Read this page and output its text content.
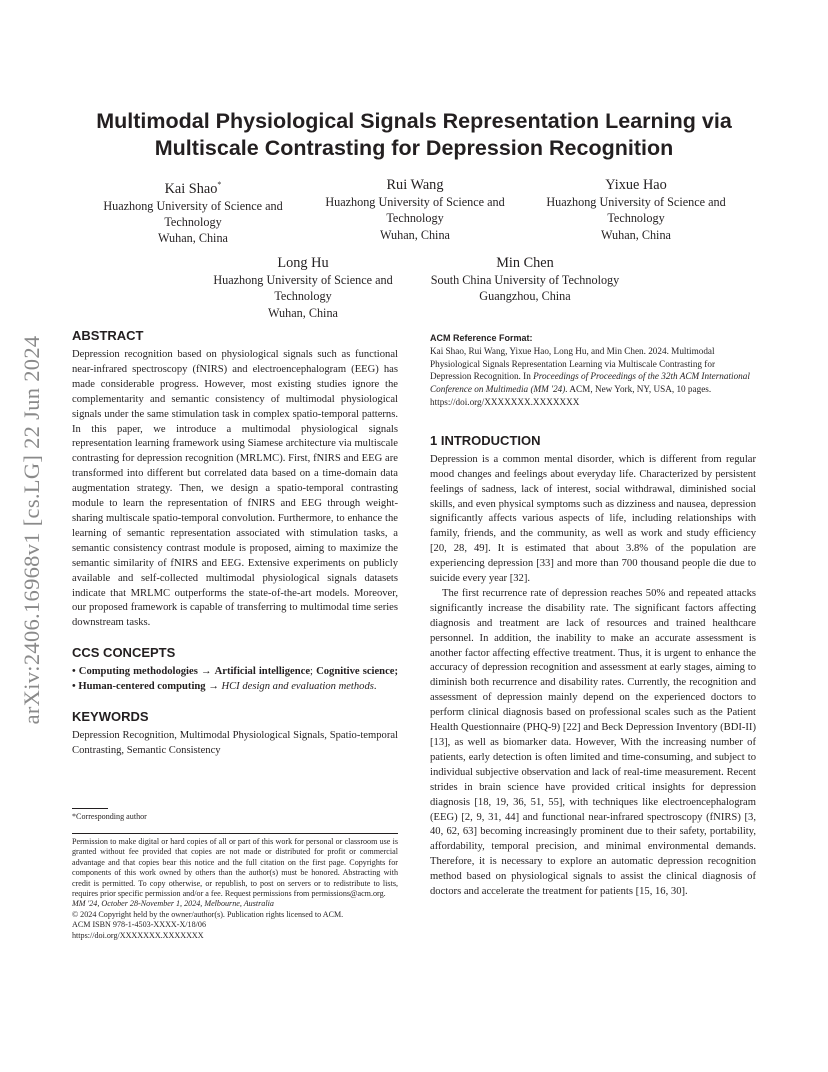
arXiv:2406.16968v1 [cs.LG] 22 Jun 2024
Multimodal Physiological Signals Representation Learning via
Multiscale Contrasting for Depression Recognition
Kai Shao*
Huazhong University of Science and
Technology
Wuhan, China
Rui Wang
Huazhong University of Science and
Technology
Wuhan, China
Yixue Hao
Huazhong University of Science and
Technology
Wuhan, China
Long Hu
Huazhong University of Science and
Technology
Wuhan, China
Min Chen
South China University of Technology
Guangzhou, China
ABSTRACT

Depression recognition based on physiological signals such as functional near-infrared spectroscopy (fNIRS) and electroencephalogram (EEG) has made considerable progress. However, most existing studies ignore the complementarity and semantic consistency of multimodal physiological signals under the same stimulation task in complex spatio-temporal patterns. In this paper, we introduce a multimodal physiological signals representation learning framework using Siamese architecture via multiscale contrasting for depression recognition (MRLMC). First, fNIRS and EEG are transformed into different but correlated data based on a time-domain data augmentation strategy. Then, we design a spatio-temporal contrasting module to learn the representation of fNIRS and EEG through weight-sharing multiscale spatio-temporal convolution. Furthermore, to enhance the learning of semantic representation associated with stimulation tasks, a semantic consistency contrast module is proposed, aiming to maximize the semantic similarity of fNIRS and EEG. Extensive experiments on publicly available and self-collected multimodal physiological signals datasets indicate that MRLMC outperforms the state-of-the-art models. Moreover, our proposed framework is capable of transferring to multimodal time series downstream tasks.

CCS CONCEPTS

• Computing methodologies → Artificial intelligence; Cognitive science; • Human-centered computing → HCI design and evaluation methods.

KEYWORDS

Depression Recognition, Multimodal Physiological Signals, Spatio-temporal Contrasting, Semantic Consistency

*Corresponding author

Permission to make digital or hard copies of all or part of this work for personal or classroom use is granted without fee provided that copies are not made or distributed for profit or commercial advantage and that copies bear this notice and the full citation on the first page. Copyrights for components of this work owned by others than the author(s) must be honored. Abstracting with credit is permitted. To copy otherwise, or republish, to post on servers or to redistribute to lists, requires prior specific permission and/or a fee. Request permissions from permissions@acm.org.

MM '24, October 28-November 1, 2024, Melbourne, Australia

© 2024 Copyright held by the owner/author(s). Publication rights licensed to ACM.

ACM ISBN 978-1-4503-XXXX-X/18/06

https://doi.org/XXXXXXX.XXXXXXX

ACM Reference Format:

Kai Shao, Rui Wang, Yixue Hao, Long Hu, and Min Chen. 2024. Multimodal Physiological Signals Representation Learning via Multiscale Contrasting for Depression Recognition. In Proceedings of Proceedings of the 32th ACM International Conference on Multimedia (MM '24). ACM, New York, NY, USA, 10 pages. https://doi.org/XXXXXXX.XXXXXXX

1 INTRODUCTION

Depression is a common mental disorder, which is different from regular mood changes and feelings about everyday life. Characterized by persistent feelings of sadness, lack of interest, social withdrawal, diminished social skills, and even physical symptoms such as dizziness and nausea, depression significantly affects various aspects of life, including relationships with family, friends, and the community, as well as work and study efficiency [20, 28, 49]. It is estimated that about 3.8% of the population are experiencing depression [33] and more than 700 thousand people die due to suicide every year [32].

The first recurrence rate of depression reaches 50% and repeated attacks significantly increase the disability rate. The significant factors affecting diagnosis and treatment are lack of resources and trained healthcare personnel. In addition, the inability to make an accurate assessment is another factor affecting effective treatment. Thus, it is urgent to enhance the accuracy of depression recognition and assessment at early stages, aiming to diminish both recurrence and disability rates. Currently, the recognition and assessment of depression mainly depend on the experienced doctors to perform clinical diagnosis based on professional scales such as the Patient Health Questionnaire (PHQ-9) [22] and Beck Depression Inventory (BDI-II) [13], as well as biomarker data. However, With the increasing number of patients, early detection is often limited and time-consuming, and subject to individual subjective observation and lack of real-time measurement. Recent strides in brain science have provided critical insights for depression diagnosis [18, 19, 36, 51, 55], with techniques like electroencephalogram (EEG) [2, 9, 31, 44] and functional near-infrared spectroscopy (fNIRS) [3, 40, 62, 63] becoming increasingly prominent due to their safety, portability, affordability, temporal precision, and minimal environmental demands. Therefore, it is necessary to explore an automatic depression recognition method based on physiological signals to assist the clinical diagnosis of doctors and accelerate the treatment for patients [15, 16, 30].
